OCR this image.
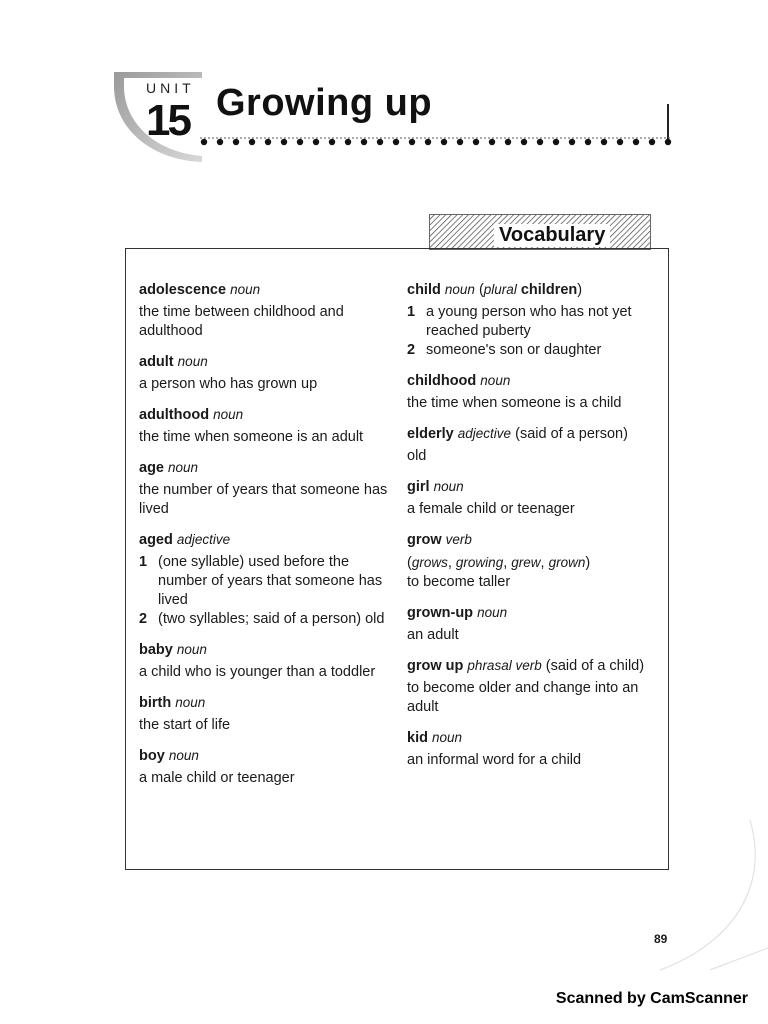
UNIT
15 Growing up
Vocabulary
adolescence noun
the time between childhood and adulthood
adult noun
a person who has grown up
adulthood noun
the time when someone is an adult
age noun
the number of years that someone has lived
aged adjective
1 (one syllable) used before the number of years that someone has lived
2 (two syllables; said of a person) old
baby noun
a child who is younger than a toddler
birth noun
the start of life
boy noun
a male child or teenager
child noun (plural children)
1 a young person who has not yet reached puberty
2 someone's son or daughter
childhood noun
the time when someone is a child
elderly adjective (said of a person)
old
girl noun
a female child or teenager
grow verb
(grows, growing, grew, grown)
to become taller
grown-up noun
an adult
grow up phrasal verb (said of a child)
to become older and change into an adult
kid noun
an informal word for a child
89
Scanned by CamScanner
